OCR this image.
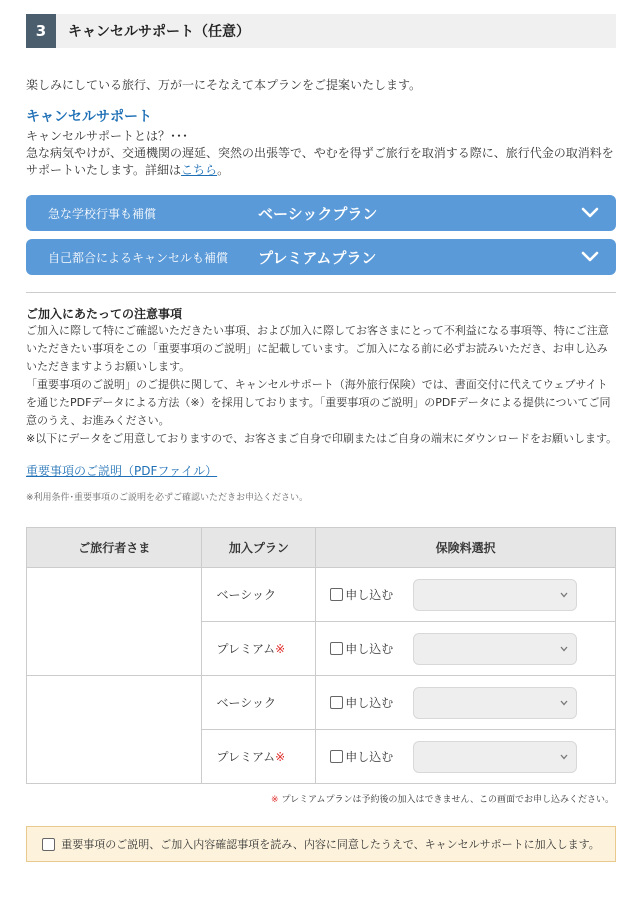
3	キャンセルサポート（任意）
楽しみにしている旅行、万が一にそなえて本プランをご提案いたします。
キャンセルサポート
キャンセルサポートとは？･･･
急な病気やけが、交通機関の遅延、突然の出張等で、やむを得ずご旅行を取消する際に、旅行代金の取消料をサポートいたします。詳細はこちら。
急な学校行事も補償	ベーシックプラン
自己都合によるキャンセルも補償 プレミアムプラン
ご加入にあたっての注意事項
ご加入に際して特にご確認いただきたい事項、および加入に際してお客さまにとって不利益になる事項等、特にご注意いただきたい事項をこの「重要事項のご説明」に記載しています。ご加入になる前に必ずお読みいただき、お申し込みいただきますようお願いします。
「重要事項のご説明」のご提供に関して、キャンセルサポート（海外旅行保険）では、書面交付に代えてウェブサイトを通じたPDFデータによる方法（※）を採用しております。「重要事項のご説明」のPDFデータによる提供についてご同意のうえ、お進みください。
※以下にデータをご用意しておりますので、お客さまご自身で印刷またはご自身の端末にダウンロードをお願いします。
重要事項のご説明（PDFファイル）
※利用条件･重要事項のご説明を必ずご確認いただきお申込ください。
ご旅行者さま	加入プラン	保険料選択
	ベーシック	申し込む

	プレミアム※	申し込む

	ベーシック	申し込む

	プレミアム※	申し込む
※ プレミアムプランは予約後の加入はできません、この画面でお申し込みください。
重要事項のご説明、ご加入内容確認事項を読み、内容に同意したうえで、キャンセルサポートに加入します。
